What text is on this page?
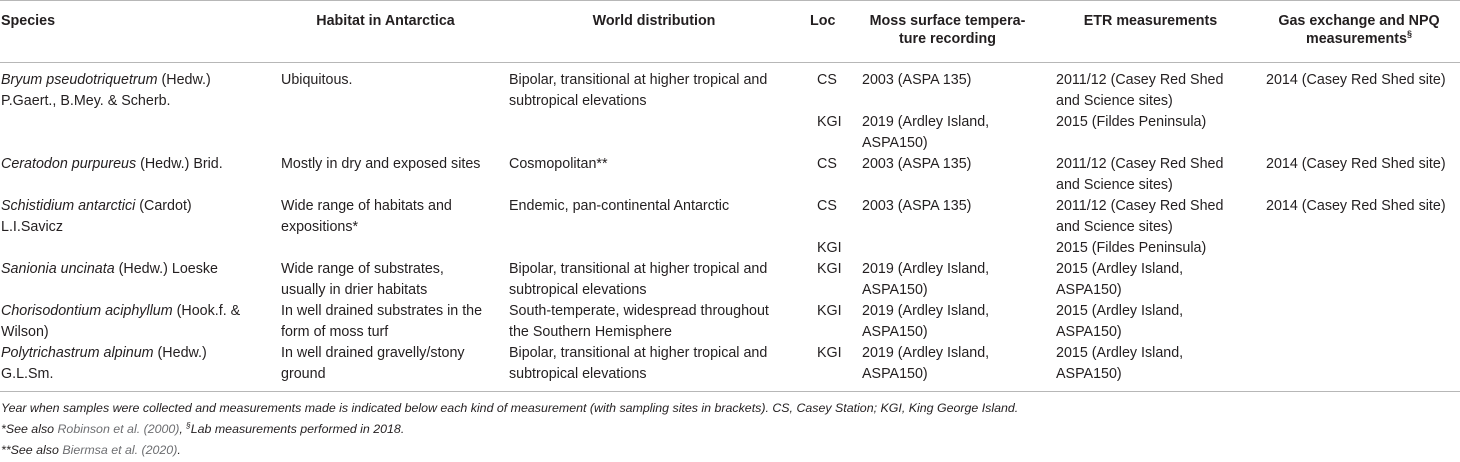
Species	Habitat in Antarctica	World distribution	Loc	Moss surface tempera-
ture recording	ETR measurements	Gas exchange and NPQ
measurements§
Bryum pseudotriquetrum (Hedw.)
P.Gaert., B.Mey. & Scherb.	Ubiquitous.	Bipolar, transitional at higher tropical and
subtropical elevations	CS	2003 (ASPA 135)	2011/12 (Casey Red Shed
and Science sites)	2014 (Casey Red Shed site)
			KGI	2019 (Ardley Island,
ASPA150)	2015 (Fildes Peninsula)	
Ceratodon purpureus (Hedw.) Brid.	Mostly in dry and exposed sites	Cosmopolitan**	CS	2003 (ASPA 135)	2011/12 (Casey Red Shed
and Science sites)	2014 (Casey Red Shed site)
Schistidium antarctici (Cardot)
L.I.Savicz	Wide range of habitats and
expositions*	Endemic, pan-continental Antarctic	CS	2003 (ASPA 135)	2011/12 (Casey Red Shed
and Science sites)	2014 (Casey Red Shed site)
			KGI		2015 (Fildes Peninsula)	
Sanionia uncinata (Hedw.) Loeske	Wide range of substrates,
usually in drier habitats	Bipolar, transitional at higher tropical and
subtropical elevations	KGI	2019 (Ardley Island,
ASPA150)	2015 (Ardley Island,
ASPA150)	
Chorisodontium aciphyllum (Hook.f. &
Wilson)	In well drained substrates in the
form of moss turf	South-temperate, widespread throughout
the Southern Hemisphere	KGI	2019 (Ardley Island,
ASPA150)	2015 (Ardley Island,
ASPA150)	
Polytrichastrum alpinum (Hedw.)
G.L.Sm.	In well drained gravelly/stony
ground	Bipolar, transitional at higher tropical and
subtropical elevations	KGI	2019 (Ardley Island,
ASPA150)	2015 (Ardley Island,
ASPA150)	
Year when samples were collected and measurements made is indicated below each kind of measurement (with sampling sites in brackets). CS, Casey Station; KGI, King George Island.
*See also Robinson et al. (2000), §Lab measurements performed in 2018.
**See also Biermsa et al. (2020).
